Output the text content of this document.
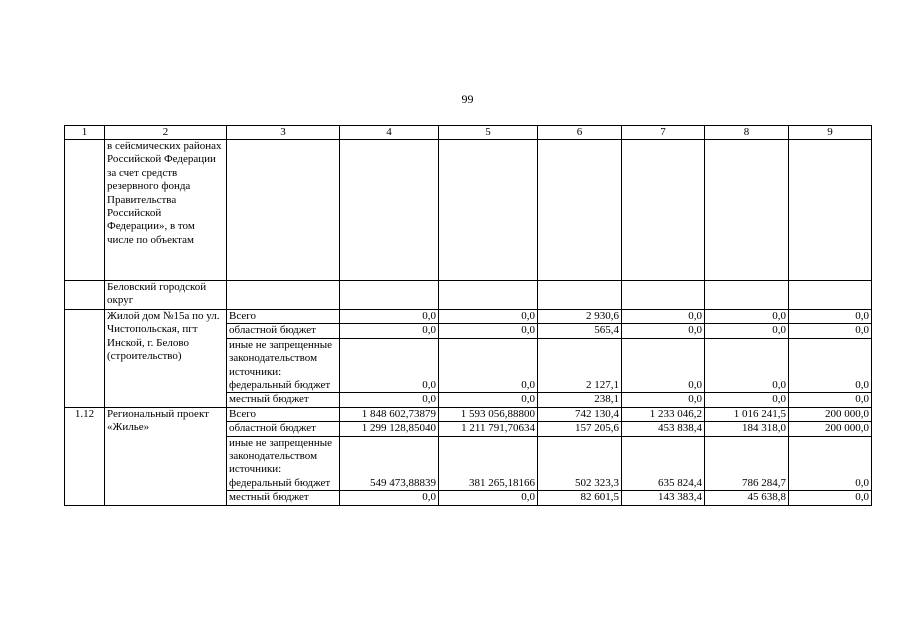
99
1	2	3	4	5	6	7	8	9
	в сейсмических районах Российской Федерации за счет средств резервного фонда Правительства Российской Федерации», в том числе по объектам							
	Беловский городской округ							
	Жилой дом №15а по ул. Чистопольская, пгт Инской, г. Белово (строительство)	Всего	0,0	0,0	2 930,6	0,0	0,0	0,0
		областной бюджет	0,0	0,0	565,4	0,0	0,0	0,0
		иные не запрещенные законодательством источники: федеральный бюджет	0,0	0,0	2 127,1	0,0	0,0	0,0
		местный бюджет	0,0	0,0	238,1	0,0	0,0	0,0
1.12	Региональный проект «Жилье»	Всего	1 848 602,73879	1 593 056,88800	742 130,4	1 233 046,2	1 016 241,5	200 000,0
		областной бюджет	1 299 128,85040	1 211 791,70634	157 205,6	453 838,4	184 318,0	200 000,0
		иные не запрещенные законодательством источники: федеральный бюджет	549 473,88839	381 265,18166	502 323,3	635 824,4	786 284,7	0,0
		местный бюджет	0,0	0,0	82 601,5	143 383,4	45 638,8	0,0
